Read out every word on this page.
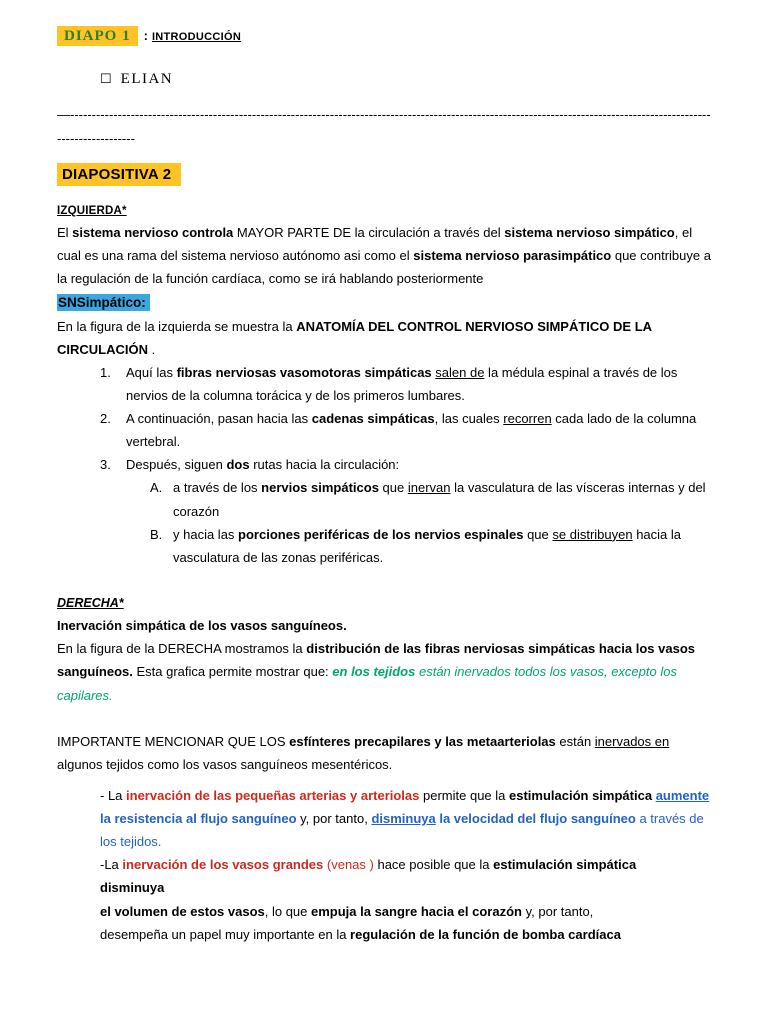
DIAPO 1 : INTRODUCCIÓN

☐ ELIAN

—----------------------------------------------------------------------------------------------------------------------------------------------------------------------

DIAPOSITIVA 2

IZQUIERDA*

El sistema nervioso controla MAYOR PARTE DE la circulación a través del sistema nervioso simpático, el cual es una rama del sistema nervioso autónomo asi como el sistema nervioso parasimpático que contribuye a la regulación de la función cardíaca, como se irá hablando posteriormente

SNSimpático:

En la figura de la izquierda se muestra la ANATOMÍA DEL CONTROL NERVIOSO SIMPÁTICO DE LA CIRCULACIÓN .

1.	Aquí las fibras nerviosas vasomotoras simpáticas salen de la médula espinal a través de los nervios de la columna torácica y de los primeros lumbares.
2.	A continuación, pasan hacia las cadenas simpáticas, las cuales recorren cada lado de la columna vertebral.
3.	Después, siguen dos rutas hacia la circulación:
A. a través de los nervios simpáticos que inervan la vasculatura de las vísceras internas y del corazón
B. y hacia las porciones periféricas de los nervios espinales que se distribuyen hacia la vasculatura de las zonas periféricas.

DERECHA*

Inervación simpática de los vasos sanguíneos.

En la figura de la DERECHA mostramos la distribución de las fibras nerviosas simpáticas hacia los vasos sanguíneos. Esta grafica permite mostrar que: en los tejidos están inervados todos los vasos, excepto los capilares.

IMPORTANTE MENCIONAR QUE LOS esfínteres precapilares y las metaarteriolas están inervados en algunos tejidos como los vasos sanguíneos mesentéricos.

- La inervación de las pequeñas arterias y arteriolas permite que la estimulación simpática aumente la resistencia al flujo sanguíneo y, por tanto, disminuya la velocidad del flujo sanguíneo a través de los tejidos.

-La inervación de los vasos grandes (venas ) hace posible que la estimulación simpática

disminuya

el volumen de estos vasos, lo que empuja la sangre hacia el corazón y, por tanto,

desempeña un papel muy importante en la regulación de la función de bomba cardíaca
